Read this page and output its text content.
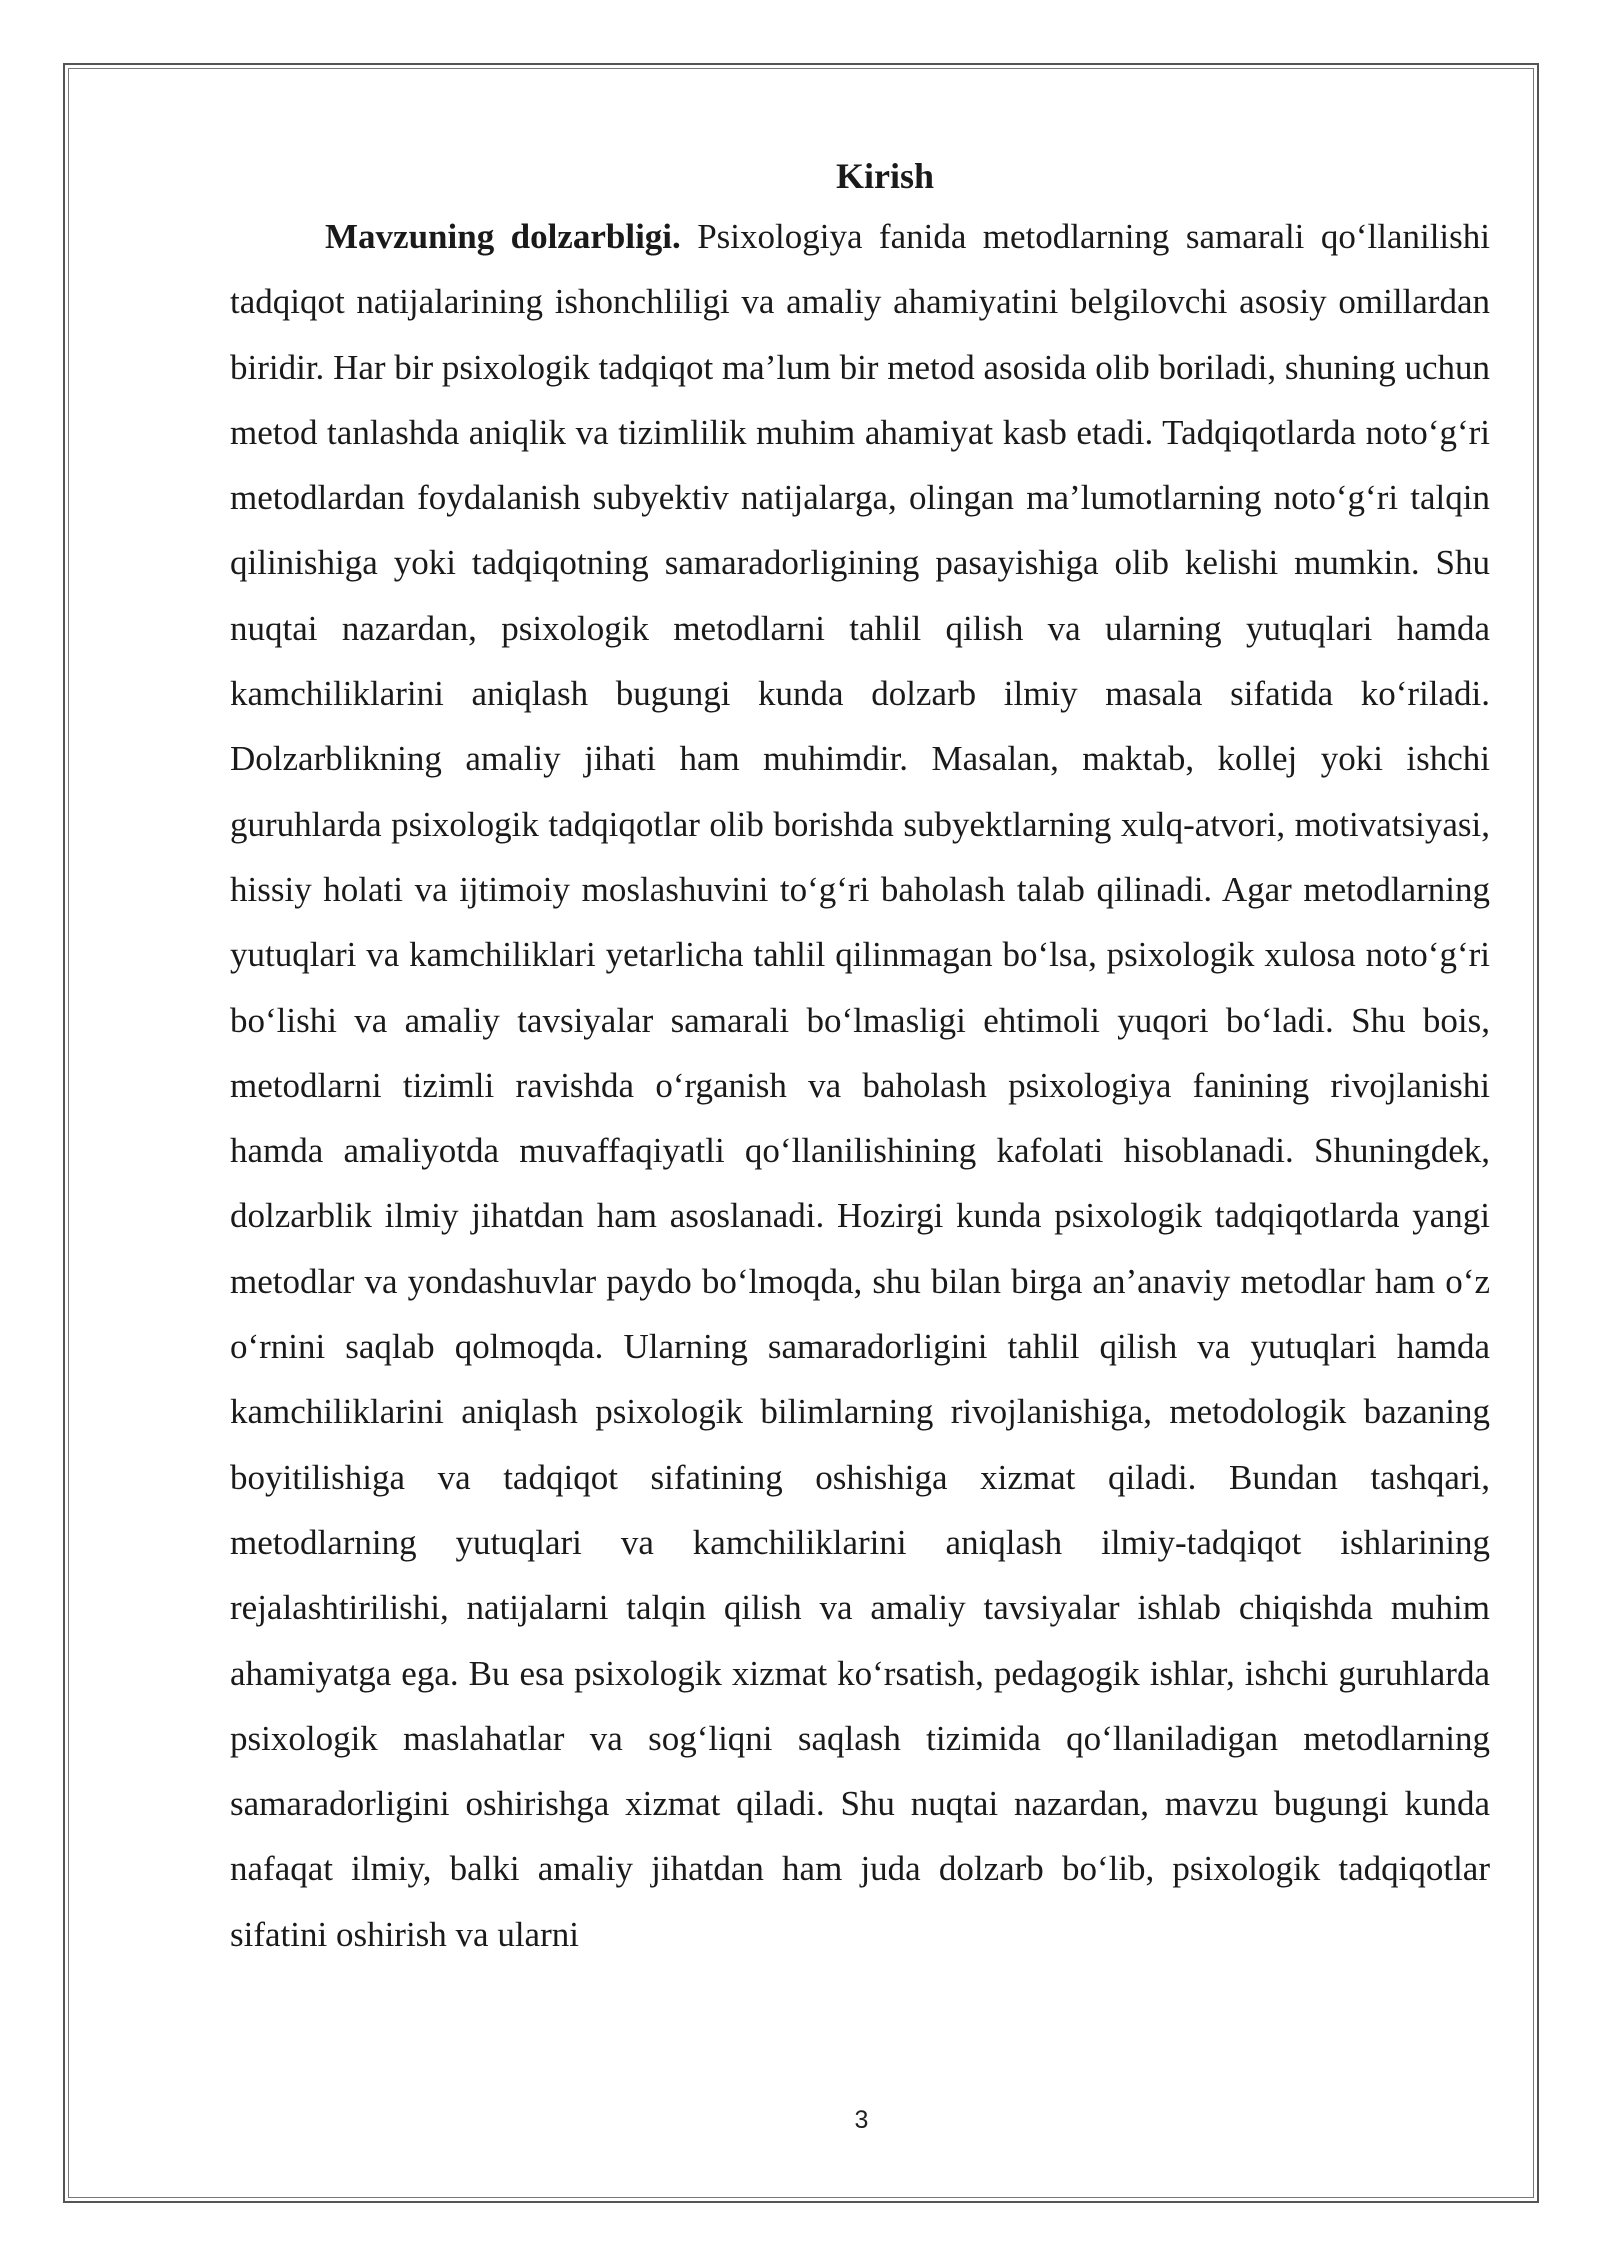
Kirish

Mavzuning dolzarbligi. Psixologiya fanida metodlarning samarali qo‘llanilishi tadqiqot natijalarining ishonchliligi va amaliy ahamiyatini belgilovchi asosiy omillardan biridir. Har bir psixologik tadqiqot ma’lum bir metod asosida olib boriladi, shuning uchun metod tanlashda aniqlik va tizimlilik muhim ahamiyat kasb etadi. Tadqiqotlarda noto‘g‘ri metodlardan foydalanish subyektiv natijalarga, olingan ma’lumotlarning noto‘g‘ri talqin qilinishiga yoki tadqiqotning samaradorligining pasayishiga olib kelishi mumkin. Shu nuqtai nazardan, psixologik metodlarni tahlil qilish va ularning yutuqlari hamda kamchiliklarini aniqlash bugungi kunda dolzarb ilmiy masala sifatida ko‘riladi. Dolzarblikning amaliy jihati ham muhimdir. Masalan, maktab, kollej yoki ishchi guruhlarda psixologik tadqiqotlar olib borishda subyektlarning xulq-atvori, motivatsiyasi, hissiy holati va ijtimoiy moslashuvini to‘g‘ri baholash talab qilinadi. Agar metodlarning yutuqlari va kamchiliklari yetarlicha tahlil qilinmagan bo‘lsa, psixologik xulosa noto‘g‘ri bo‘lishi va amaliy tavsiyalar samarali bo‘lmasligi ehtimoli yuqori bo‘ladi. Shu bois, metodlarni tizimli ravishda o‘rganish va baholash psixologiya fanining rivojlanishi hamda amaliyotda muvaffaqiyatli qo‘llanilishining kafolati hisoblanadi. Shuningdek, dolzarblik ilmiy jihatdan ham asoslanadi. Hozirgi kunda psixologik tadqiqotlarda yangi metodlar va yondashuvlar paydo bo‘lmoqda, shu bilan birga an’anaviy metodlar ham o‘z o‘rnini saqlab qolmoqda. Ularning samaradorligini tahlil qilish va yutuqlari hamda kamchiliklarini aniqlash psixologik bilimlarning rivojlanishiga, metodologik bazaning boyitilishiga va tadqiqot sifatining oshishiga xizmat qiladi. Bundan tashqari, metodlarning yutuqlari va kamchiliklarini aniqlash ilmiy-tadqiqot ishlarining rejalashtirilishi, natijalarni talqin qilish va amaliy tavsiyalar ishlab chiqishda muhim ahamiyatga ega. Bu esa psixologik xizmat ko‘rsatish, pedagogik ishlar, ishchi guruhlarda psixologik maslahatlar va sog‘liqni saqlash tizimida qo‘llaniladigan metodlarning samaradorligini oshirishga xizmat qiladi. Shu nuqtai nazardan, mavzu bugungi kunda nafaqat ilmiy, balki amaliy jihatdan ham juda dolzarb bo‘lib, psixologik tadqiqotlar sifatini oshirish va ularni

3
